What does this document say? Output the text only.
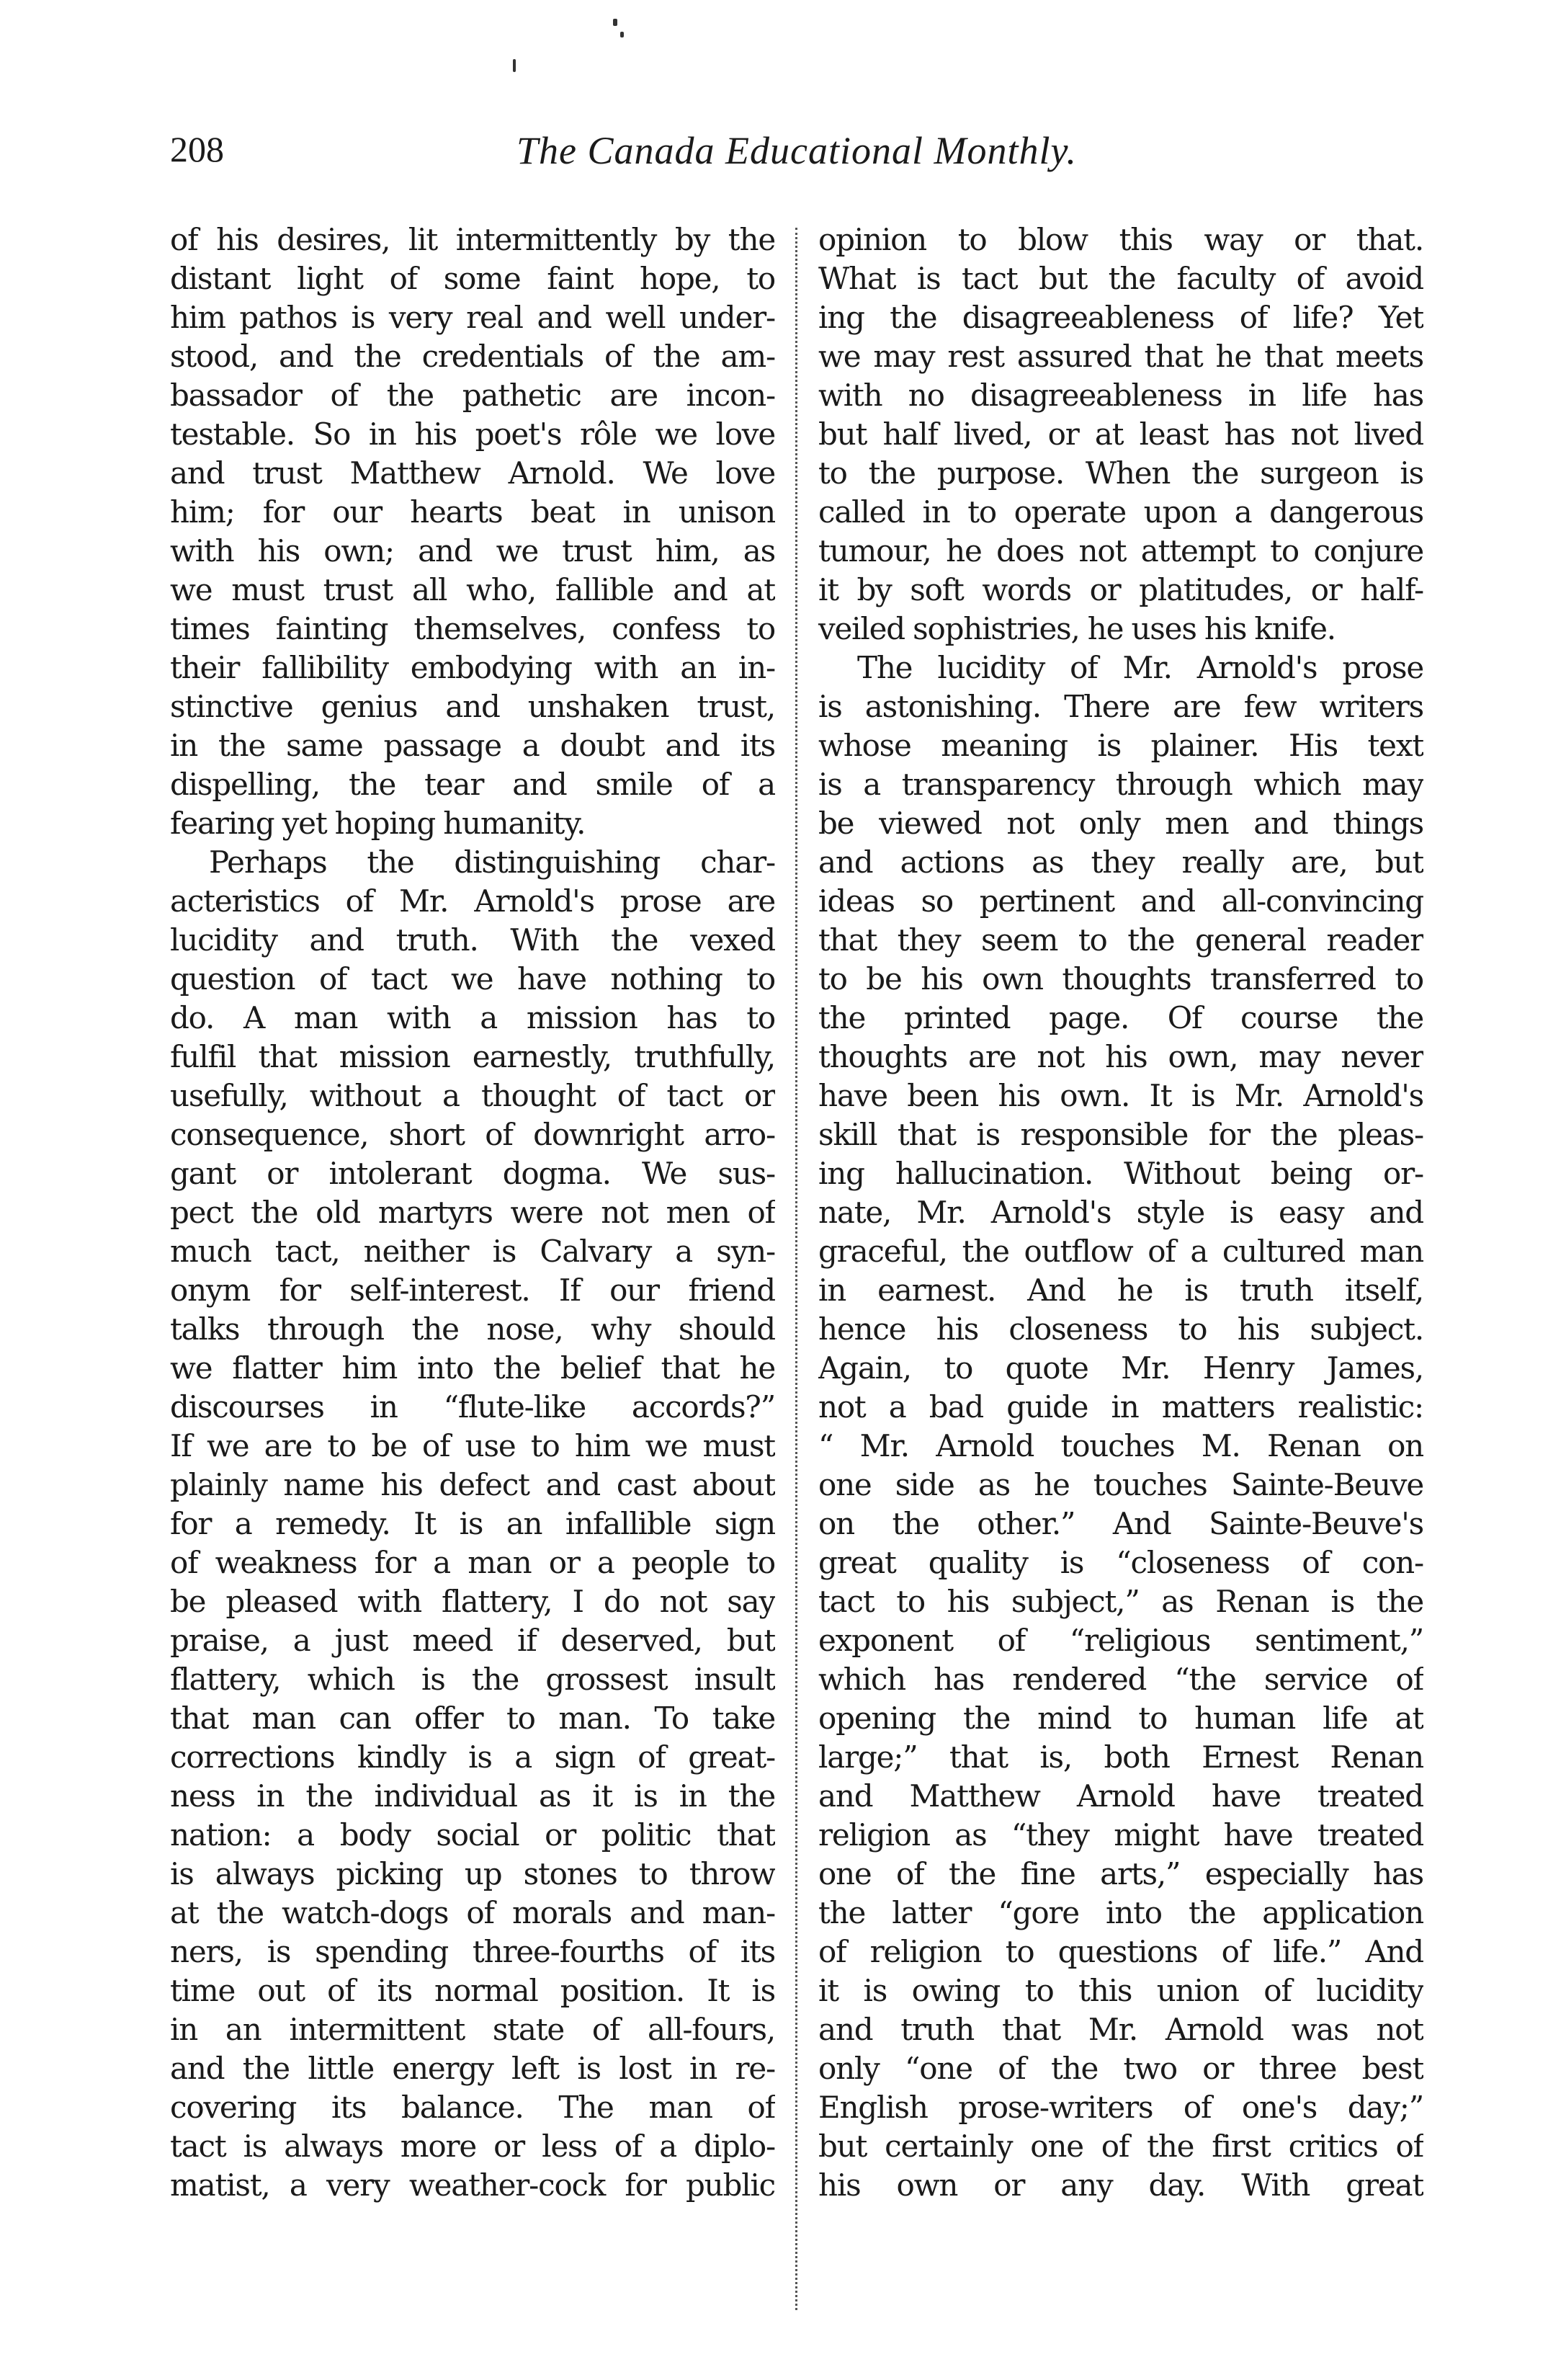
208	The Canada Educational Monthly.
of his desires, lit intermittently by the
distant light of some faint hope, to
him pathos is very real and well under-
stood, and the credentials of the am-
bassador of the pathetic are incon-
testable. So in his poet's rôle we love
and trust Matthew Arnold. We love
him; for our hearts beat in unison
with his own; and we trust him, as
we must trust all who, fallible and at
times fainting themselves, confess to
their fallibility embodying with an in-
stinctive genius and unshaken trust,
in the same passage a doubt and its
dispelling, the tear and smile of a
fearing yet hoping humanity.
Perhaps the distinguishing char-
acteristics of Mr. Arnold's prose are
lucidity and truth. With the vexed
question of tact we have nothing to
do. A man with a mission has to
fulfil that mission earnestly, truthfully,
usefully, without a thought of tact or
consequence, short of downright arro-
gant or intolerant dogma. We sus-
pect the old martyrs were not men of
much tact, neither is Calvary a syn-
onym for self-interest. If our friend
talks through the nose, why should
we flatter him into the belief that he
discourses in “flute-like accords?”
If we are to be of use to him we must
plainly name his defect and cast about
for a remedy. It is an infallible sign
of weakness for a man or a people to
be pleased with flattery, I do not say
praise, a just meed if deserved, but
flattery, which is the grossest insult
that man can offer to man. To take
corrections kindly is a sign of great-
ness in the individual as it is in the
nation: a body social or politic that
is always picking up stones to throw
at the watch-dogs of morals and man-
ners, is spending three-fourths of its
time out of its normal position. It is
in an intermittent state of all-fours,
and the little energy left is lost in re-
covering its balance. The man of
tact is always more or less of a diplo-
matist, a very weather-cock for public
opinion to blow this way or that.
What is tact but the faculty of avoid
ing the disagreeableness of life? Yet
we may rest assured that he that meets
with no disagreeableness in life has
but half lived, or at least has not lived
to the purpose. When the surgeon is
called in to operate upon a dangerous
tumour, he does not attempt to conjure
it by soft words or platitudes, or half-
veiled sophistries, he uses his knife.
The lucidity of Mr. Arnold's prose
is astonishing. There are few writers
whose meaning is plainer. His text
is a transparency through which may
be viewed not only men and things
and actions as they really are, but
ideas so pertinent and all-convincing
that they seem to the general reader
to be his own thoughts transferred to
the printed page. Of course the
thoughts are not his own, may never
have been his own. It is Mr. Arnold's
skill that is responsible for the pleas-
ing hallucination. Without being or-
nate, Mr. Arnold's style is easy and
graceful, the outflow of a cultured man
in earnest. And he is truth itself,
hence his closeness to his subject.
Again, to quote Mr. Henry James,
not a bad guide in matters realistic:
“ Mr. Arnold touches M. Renan on
one side as he touches Sainte-Beuve
on the other.” And Sainte-Beuve's
great quality is “closeness of con-
tact to his subject,” as Renan is the
exponent of “religious sentiment,”
which has rendered “the service of
opening the mind to human life at
large;” that is, both Ernest Renan
and Matthew Arnold have treated
religion as “they might have treated
one of the fine arts,” especially has
the latter “gore into the application
of religion to questions of life.” And
it is owing to this union of lucidity
and truth that Mr. Arnold was not
only “one of the two or three best
English prose-writers of one's day;”
but certainly one of the first critics of
his own or any day. With great
